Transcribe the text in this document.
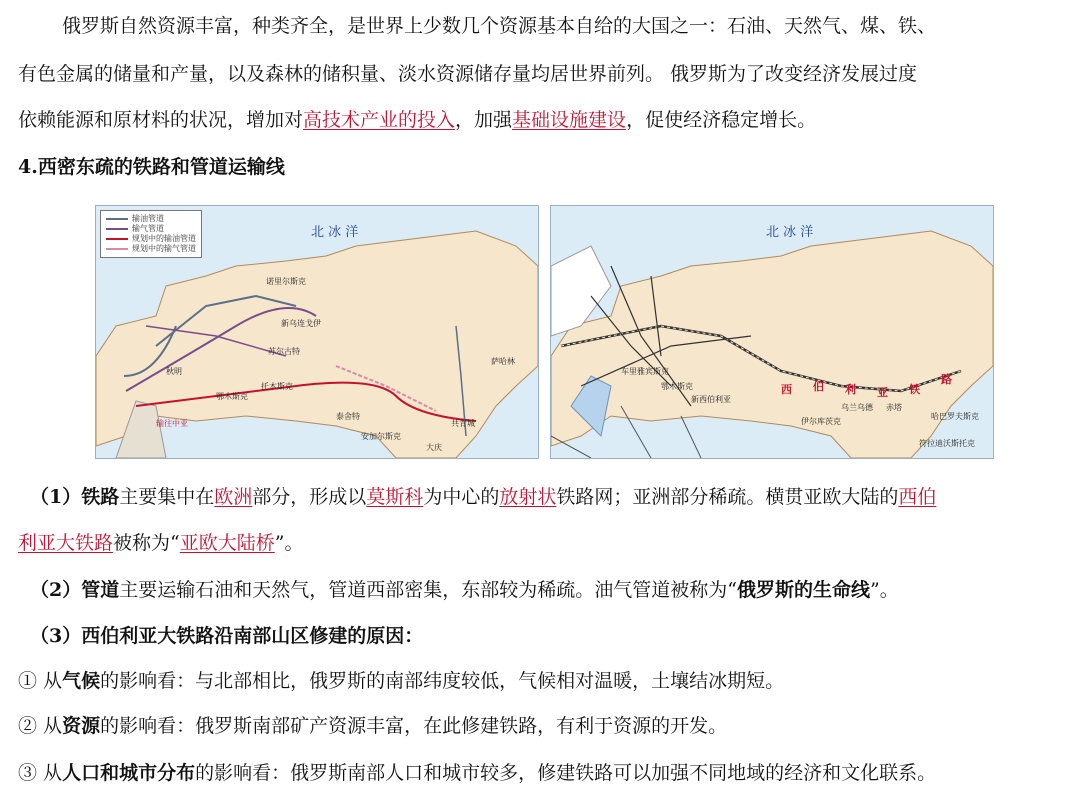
俄罗斯自然资源丰富，种类齐全，是世界上少数几个资源基本自给的大国之一：石油、天然气、煤、铁、
有色金属的储量和产量，以及森林的储积量、淡水资源储存量均居世界前列。 俄罗斯为了改变经济发展过度
依赖能源和原材料的状况，增加对高技术产业的投入，加强基础设施建设，促使经济稳定增长。
4.西密东疏的铁路和管道运输线
输油管道
输气管道
规划中的输油管道
规划中的输气管道
北 冰 洋
新乌连戈伊
苏尔古特
托木斯克
鄂木斯克
秋明
萨哈林
共青城
泰舍特
安加尔斯克
大庆
输往中亚
诺里尔斯克
北 冰 洋
西 伯 利 亚 铁
路
新西伯利亚
伊尔库茨克
乌兰乌德 赤塔
哈巴罗夫斯克
符拉迪沃斯托克
车里雅宾斯克
鄂木斯克
（1）铁路主要集中在欧洲部分，形成以莫斯科为中心的放射状铁路网；亚洲部分稀疏。横贯亚欧大陆的西伯
利亚大铁路被称为“亚欧大陆桥”。
（2）管道主要运输石油和天然气，管道西部密集，东部较为稀疏。油气管道被称为“俄罗斯的生命线”。
（3）西伯利亚大铁路沿南部山区修建的原因：
① 从气候的影响看：与北部相比，俄罗斯的南部纬度较低，气候相对温暖，土壤结冰期短。
② 从资源的影响看：俄罗斯南部矿产资源丰富，在此修建铁路，有利于资源的开发。
③ 从人口和城市分布的影响看：俄罗斯南部人口和城市较多，修建铁路可以加强不同地域的经济和文化联系。
